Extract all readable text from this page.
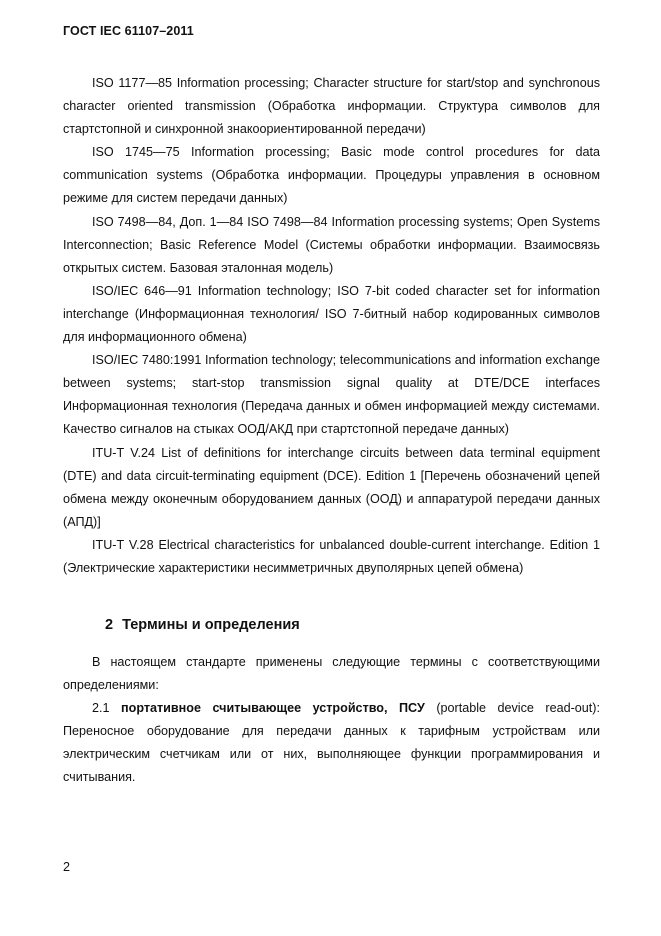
ГОСТ IEC 61107–2011

ISO 1177—85 Information processing; Character structure for start/stop and synchronous character oriented transmission (Обработка информации. Структура символов для стартстопной и синхронной знакоориентированной передачи)

ISO 1745—75 Information processing; Basic mode control procedures for data communication systems (Обработка информации. Процедуры управления в основном режиме для систем передачи данных)

ISO 7498—84, Доп. 1—84 ISO 7498—84 Information processing systems; Open Systems Interconnection; Basic Reference Model (Системы обработки информации. Взаимосвязь открытых систем. Базовая эталонная модель)

ISO/IEC 646—91 Information technology; ISO 7-bit coded character set for information interchange (Информационная технология/ ISO 7-битный набор кодированных символов для информационного обмена)

ISO/IEC 7480:1991 Information technology; telecommunications and information exchange between systems; start-stop transmission signal quality at DTE/DCE interfaces Информационная технология (Передача данных и обмен информацией между системами. Качество сигналов на стыках ООД/АКД при стартстопной передаче данных)

ITU-T V.24 List of definitions for interchange circuits between data terminal equipment (DTE) and data circuit-terminating equipment (DCE). Edition 1 [Перечень обозначений цепей обмена между оконечным оборудованием данных (ООД) и аппаратурой передачи данных (АПД)]

ITU-T V.28 Electrical characteristics for unbalanced double-current interchange. Edition 1 (Электрические характеристики несимметричных двуполярных цепей обмена)

2 Термины и определения

В настоящем стандарте применены следующие термины с соответствующими определениями:

2.1 портативное считывающее устройство, ПСУ (portable device read-out): Переносное оборудование для передачи данных к тарифным устройствам или электрическим счетчикам или от них, выполняющее функции программирования и считывания.

2
